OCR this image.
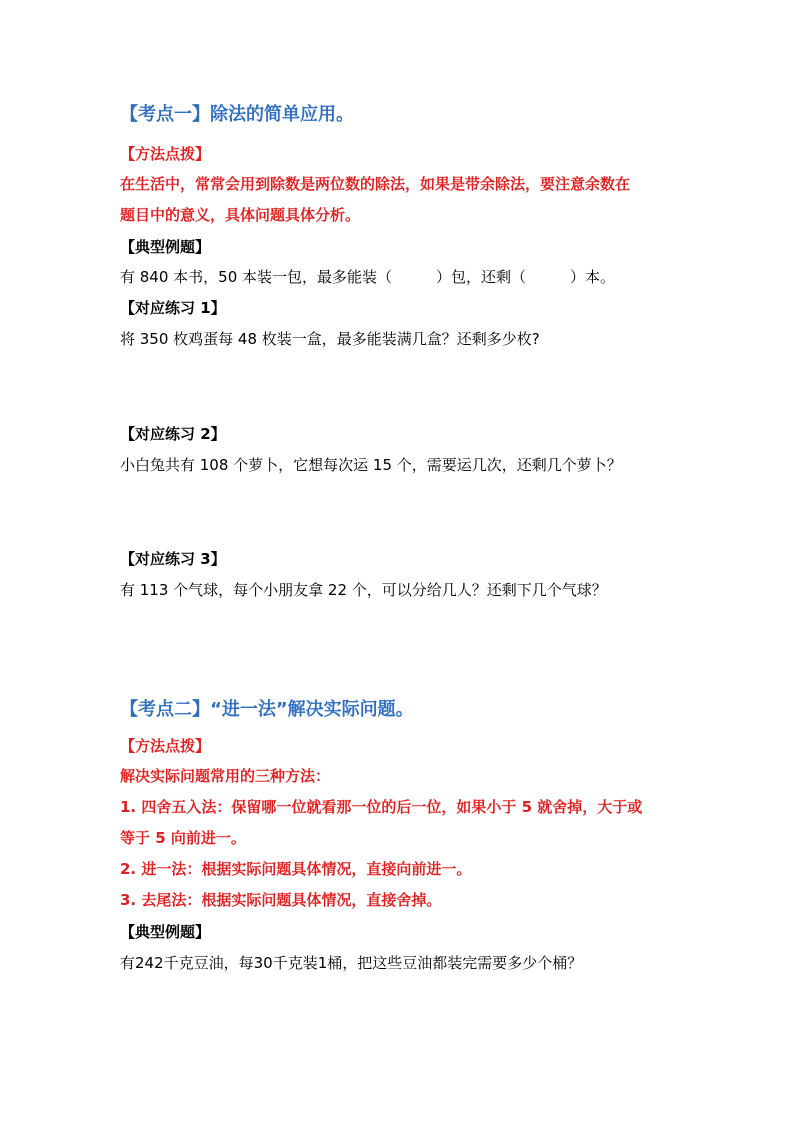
【考点一】除法的简单应用。
【方法点拨】
在生活中，常常会用到除数是两位数的除法，如果是带余除法，要注意余数在
题目中的意义，具体问题具体分析。
【典型例题】
有 840 本书，50 本装一包，最多能装（	）包，还剩（	）本。
【对应练习 1】
将 350 枚鸡蛋每 48 枚装一盒，最多能装满几盒？还剩多少枚?
【对应练习 2】
小白兔共有 108 个萝卜，它想每次运 15 个，需要运几次，还剩几个萝卜？
【对应练习 3】
有 113 个气球，每个小朋友拿 22 个，可以分给几人？还剩下几个气球？
【考点二】“进一法”解决实际问题。
【方法点拨】
解决实际问题常用的三种方法：
1. 四舍五入法：保留哪一位就看那一位的后一位，如果小于 5 就舍掉，大于或
等于 5 向前进一。
2. 进一法：根据实际问题具体情况，直接向前进一。
3. 去尾法：根据实际问题具体情况，直接舍掉。
【典型例题】
有242千克豆油，每30千克装1桶，把这些豆油都装完需要多少个桶？
